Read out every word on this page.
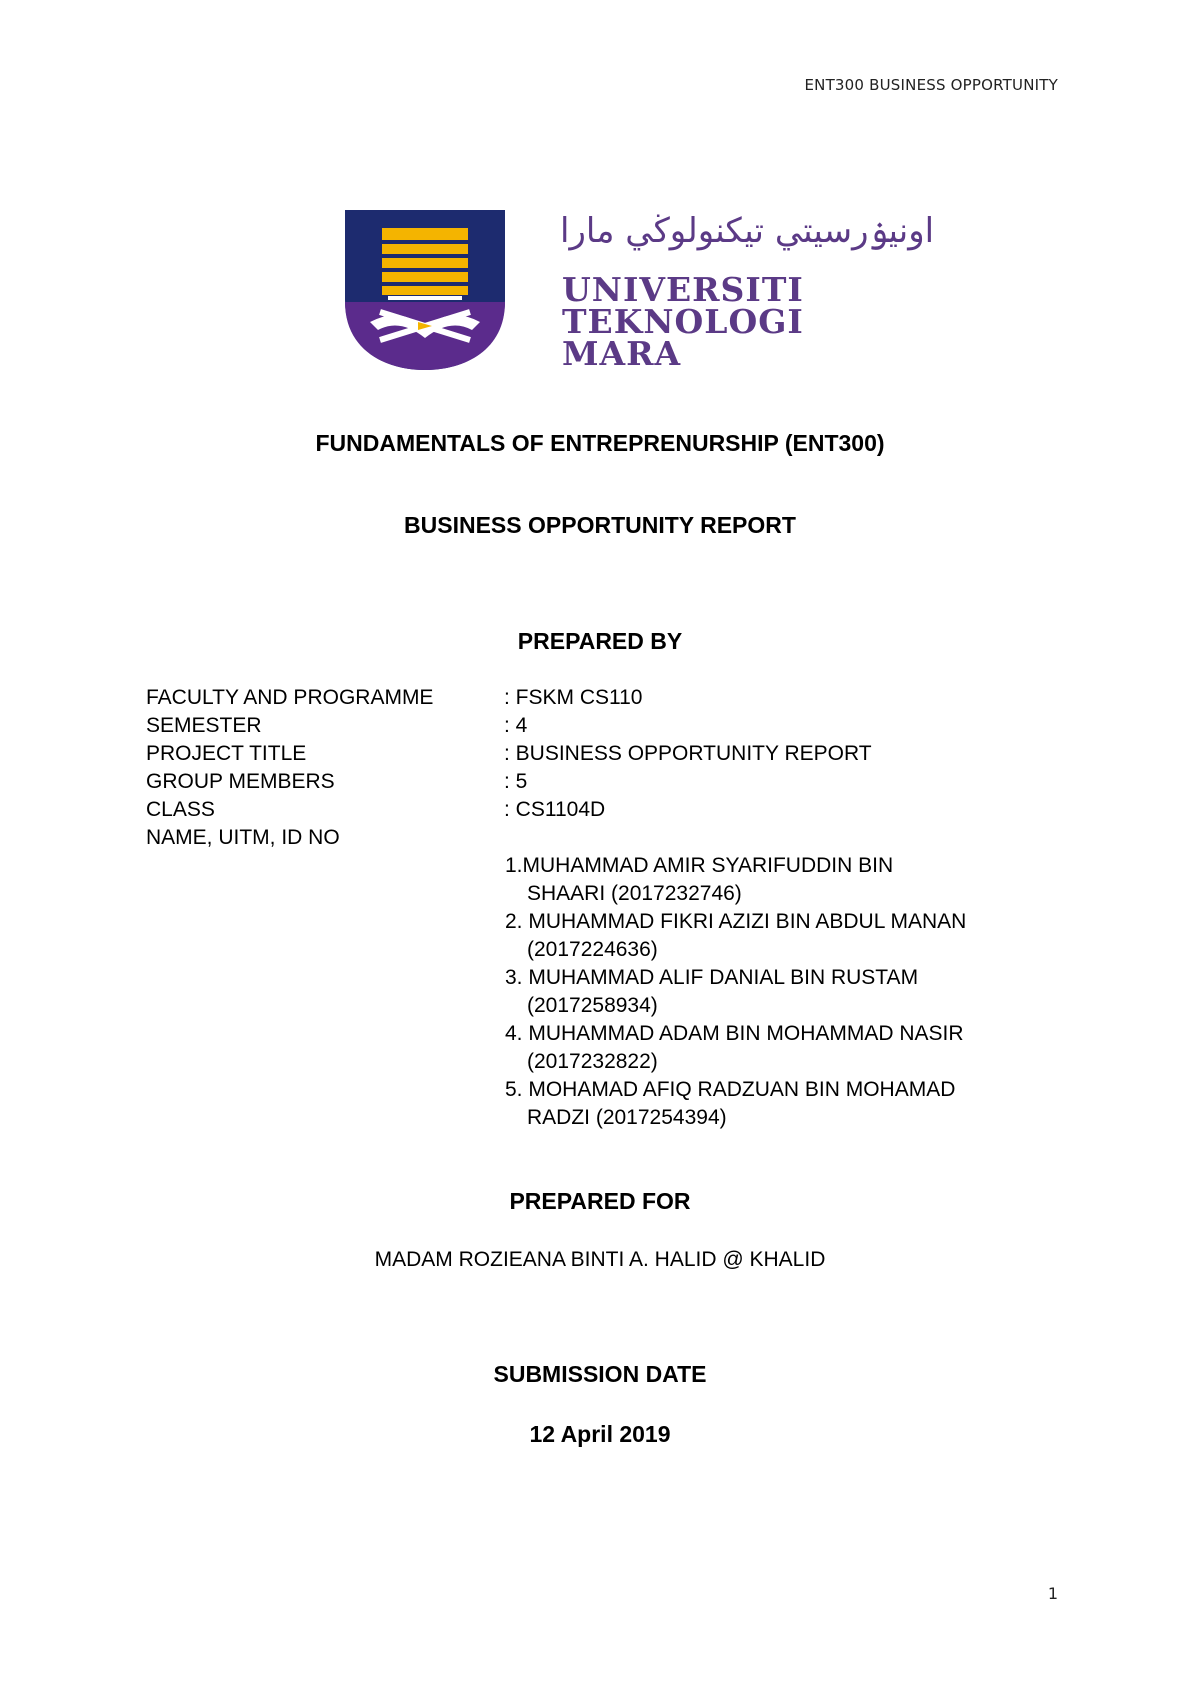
ENT300 BUSINESS OPPORTUNITY
اونيۏرسيتي تيكنولوڬي مارا
UNIVERSITI
TEKNOLOGI
MARA
FUNDAMENTALS OF ENTREPRENURSHIP (ENT300)
BUSINESS OPPORTUNITY REPORT
PREPARED BY
FACULTY AND PROGRAMME	: FSKM CS110
SEMESTER	: 4
PROJECT TITLE	: BUSINESS OPPORTUNITY REPORT
GROUP MEMBERS	: 5
CLASS	: CS1104D
NAME, UITM, ID NO
1.MUHAMMAD AMIR SYARIFUDDIN BIN
SHAARI (2017232746)
2. MUHAMMAD FIKRI AZIZI BIN ABDUL MANAN
(2017224636)
3. MUHAMMAD ALIF DANIAL BIN RUSTAM
(2017258934)
4. MUHAMMAD ADAM BIN MOHAMMAD NASIR
(2017232822)
5. MOHAMAD AFIQ RADZUAN BIN MOHAMAD
RADZI (2017254394)
PREPARED FOR
MADAM ROZIEANA BINTI A. HALID @ KHALID
SUBMISSION DATE
12 April 2019
1
